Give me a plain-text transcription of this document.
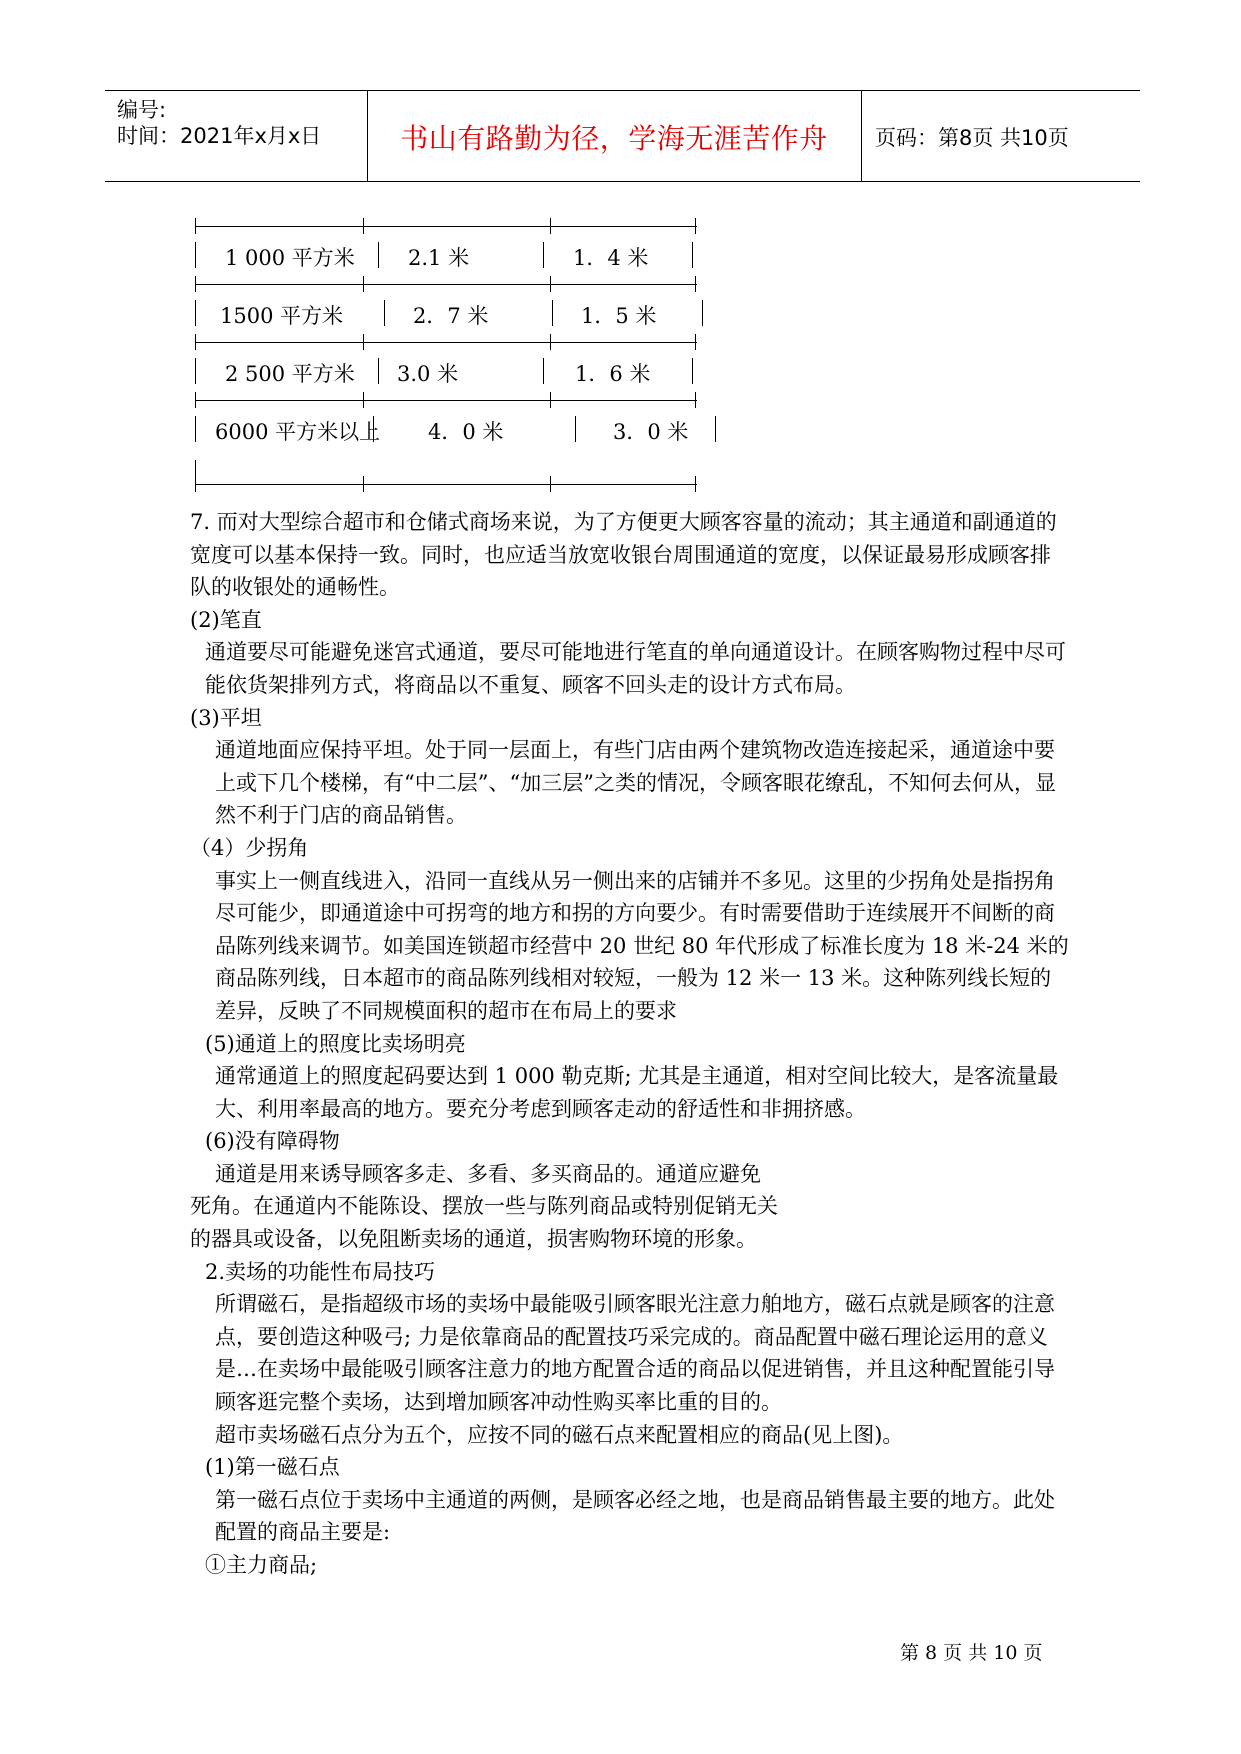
编号:
时间：2021年x月x日	书山有路勤为径，学海无涯苦作舟	页码：第8页 共10页
1 000 平方米	2.1 米	1．4 米
1500 平方米	2．7 米	1．5 米
2 500 平方米 3.0 米	1．6 米
6000 平方米以上 4．0 米	3．0 米

7. 而对大型综合超市和仓储式商场来说，为了方便更大顾客容量的流动；其主通道和副通道的宽度可以基本保持一致。同时，也应适当放宽收银台周围通道的宽度，以保证最易形成顾客排队的收银处的通畅性。

(2)笔直

通道要尽可能避免迷宫式通道，要尽可能地进行笔直的单向通道设计。在顾客购物过程中尽可能依货架排列方式，将商品以不重复、顾客不回头走的设计方式布局。

(3)平坦

通道地面应保持平坦。处于同一层面上，有些门店由两个建筑物改造连接起采，通道途中要上或下几个楼梯，有“中二层”、“加三层”之类的情况，令顾客眼花缭乱，不知何去何从，显然不利于门店的商品销售。

（4）少拐角

事实上一侧直线进入，沿同一直线从另一侧出来的店铺并不多见。这里的少拐角处是指拐角尽可能少，即通道途中可拐弯的地方和拐的方向要少。有时需要借助于连续展开不间断的商品陈列线来调节。如美国连锁超市经营中 20 世纪 80 年代形成了标准长度为 18 米-24 米的商品陈列线，日本超市的商品陈列线相对较短，一般为 12 米一 13 米。这种陈列线长短的差异，反映了不同规模面积的超市在布局上的要求

(5)通道上的照度比卖场明亮

通常通道上的照度起码要达到 1 000 勒克斯; 尤其是主通道，相对空间比较大，是客流量最大、利用率最高的地方。要充分考虑到顾客走动的舒适性和非拥挤感。

(6)没有障碍物

通道是用来诱导顾客多走、多看、多买商品的。通道应避免

死角。在通道内不能陈设、摆放一些与陈列商品或特别促销无关

的器具或设备，以免阻断卖场的通道，损害购物环境的形象。

2.卖场的功能性布局技巧

所谓磁石，是指超级市场的卖场中最能吸引顾客眼光注意力舶地方，磁石点就是顾客的注意点，要创造这种吸弓; 力是依靠商品的配置技巧采完成的。商品配置中磁石理论运用的意义是…在卖场中最能吸引顾客注意力的地方配置合适的商品以促进销售，并且这种配置能引导顾客逛完整个卖场，达到增加顾客冲动性购买率比重的目的。

超市卖场磁石点分为五个，应按不同的磁石点来配置相应的商品(见上图)。

(1)第一磁石点

第一磁石点位于卖场中主通道的两侧，是顾客必经之地，也是商品销售最主要的地方。此处配置的商品主要是:

①主力商品;

第 8 页 共 10 页
